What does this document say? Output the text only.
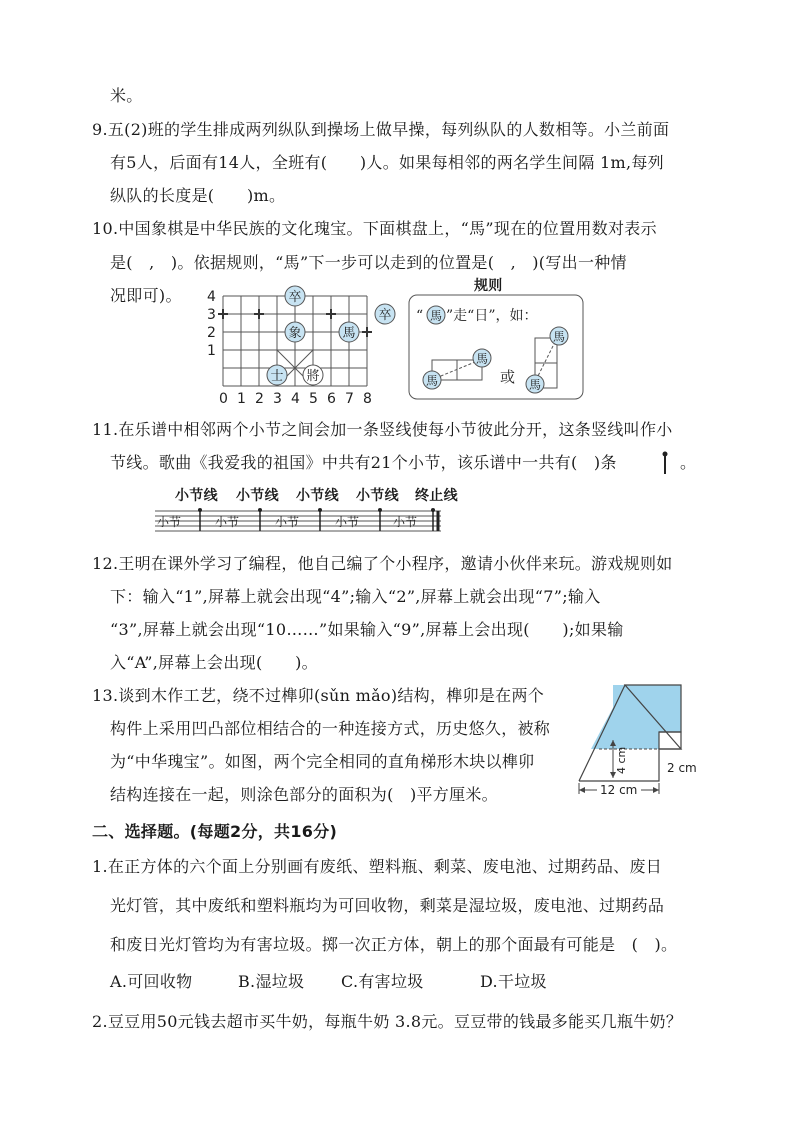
米。
9.五(2)班的学生排成两列纵队到操场上做早操，每列纵队的人数相等。小兰前面
有5人，后面有14人，全班有(　　)人。如果每相邻的两名学生间隔 1m,每列
纵队的长度是(　　)m。
10.中国象棋是中华民族的文化瑰宝。下面棋盘上，“馬”现在的位置用数对表示
是(　,　)。依据规则，“馬”下一步可以走到的位置是(　,　)(写出一种情
况即可)。 4
3
2
1
0 1 2 3 4 5 6 7 8
卒
象	馬
卒
士 將
规则
“ 馬 ”走“日”，如：
馬
馬
或 馬
馬
11.在乐谱中相邻两个小节之间会加一条竖线使每小节彼此分开，这条竖线叫作小
节线。歌曲《我爱我的祖国》中共有21个小节，该乐谱中一共有(　)条	。
小节线 小节线 小节线 小节线 终止线
小节	小节	小节	小节	小节
12.王明在课外学习了编程，他自己编了个小程序，邀请小伙伴来玩。游戏规则如
下：输入“1”,屏幕上就会出现“4”;输入“2”,屏幕上就会出现“7”;输入
“3”,屏幕上就会出现“10……”如果输入“9”,屏幕上会出现(　　);如果输
入“A”,屏幕上会出现(　　)。
13.谈到木作工艺，绕不过榫卯(sǔn mǎo)结构，榫卯是在两个
构件上采用凹凸部位相结合的一种连接方式，历史悠久，被称
为“中华瑰宝”。如图，两个完全相同的直角梯形木块以榫卯
结构连接在一起，则涂色部分的面积为(　)平方厘米。
4 cm	2 cm
12 cm
二、选择题。(每题2分，共16分)
1.在正方体的六个面上分别画有废纸、塑料瓶、剩菜、废电池、过期药品、废日
光灯管，其中废纸和塑料瓶均为可回收物，剩菜是湿垃圾，废电池、过期药品
和废日光灯管均为有害垃圾。掷一次正方体，朝上的那个面最有可能是　(　)。
A.可回收物	B.湿垃圾 C.有害垃圾	D.干垃圾
2.豆豆用50元钱去超市买牛奶，每瓶牛奶 3.8元。豆豆带的钱最多能买几瓶牛奶？
